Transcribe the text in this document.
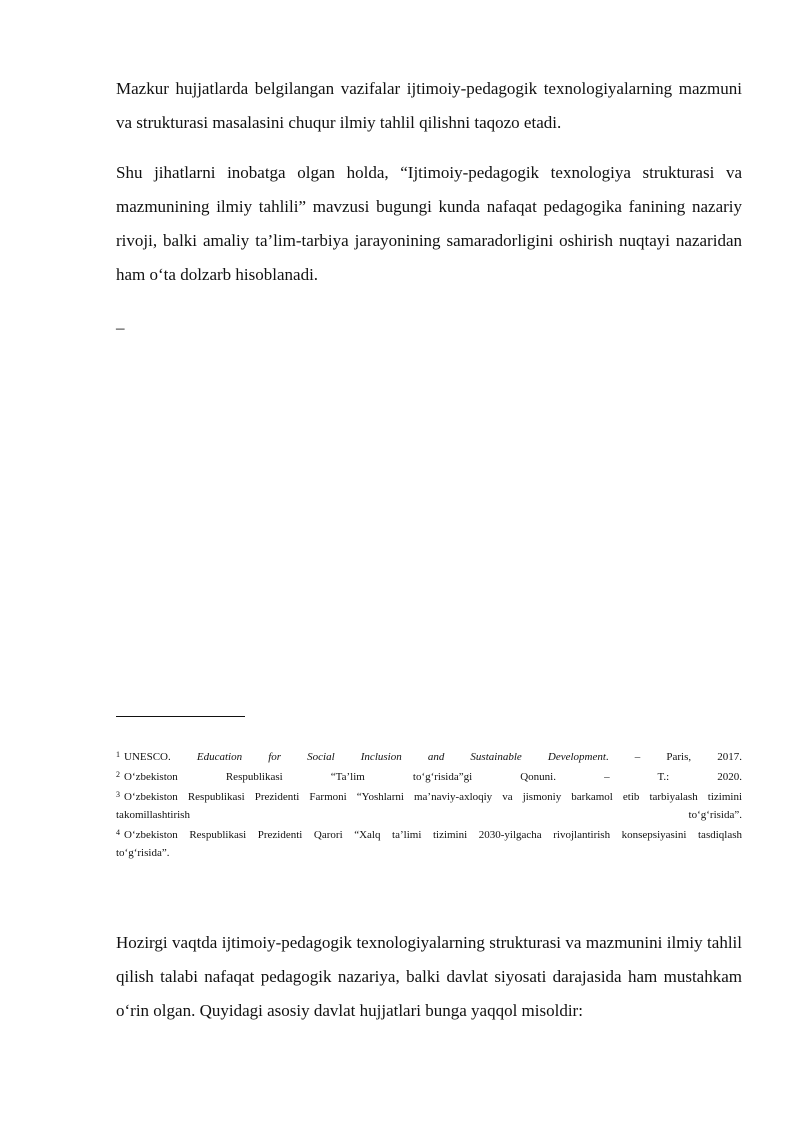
Mazkur hujjatlarda belgilangan vazifalar ijtimoiy-pedagogik texnologiyalarning mazmuni va strukturasi masalasini chuqur ilmiy tahlil qilishni taqozo etadi.

Shu jihatlarni inobatga olgan holda, “Ijtimoiy-pedagogik texnologiya strukturasi va mazmunining ilmiy tahlili” mavzusi bugungi kunda nafaqat pedagogika fanining nazariy rivoji, balki amaliy ta’lim-tarbiya jarayonining samaradorligini oshirish nuqtayi nazaridan ham o‘ta dolzarb hisoblanadi.

–

$^1$ UNESCO. Education for Social Inclusion and Sustainable Development. – Paris, 2017.

$^2$ O‘zbekiston Respublikasi “Ta’lim to‘g‘risida”gi Qonuni. – T.: 2020.

$^3$ O‘zbekiston Respublikasi Prezidenti Farmoni “Yoshlarni ma’naviy-axloqiy va jismoniy barkamol etib tarbiyalash tizimini

takomillashtirish to‘g‘risida”.

$^4$ O‘zbekiston Respublikasi Prezidenti Qarori “Xalq ta’limi tizimini 2030-yilgacha rivojlantirish konsepsiyasini tasdiqlash

to‘g‘risida”.

Hozirgi vaqtda ijtimoiy-pedagogik texnologiyalarning strukturasi va mazmunini ilmiy tahlil qilish talabi nafaqat pedagogik nazariya, balki davlat siyosati darajasida ham mustahkam o‘rin olgan. Quyidagi asosiy davlat hujjatlari bunga yaqqol misoldir:
